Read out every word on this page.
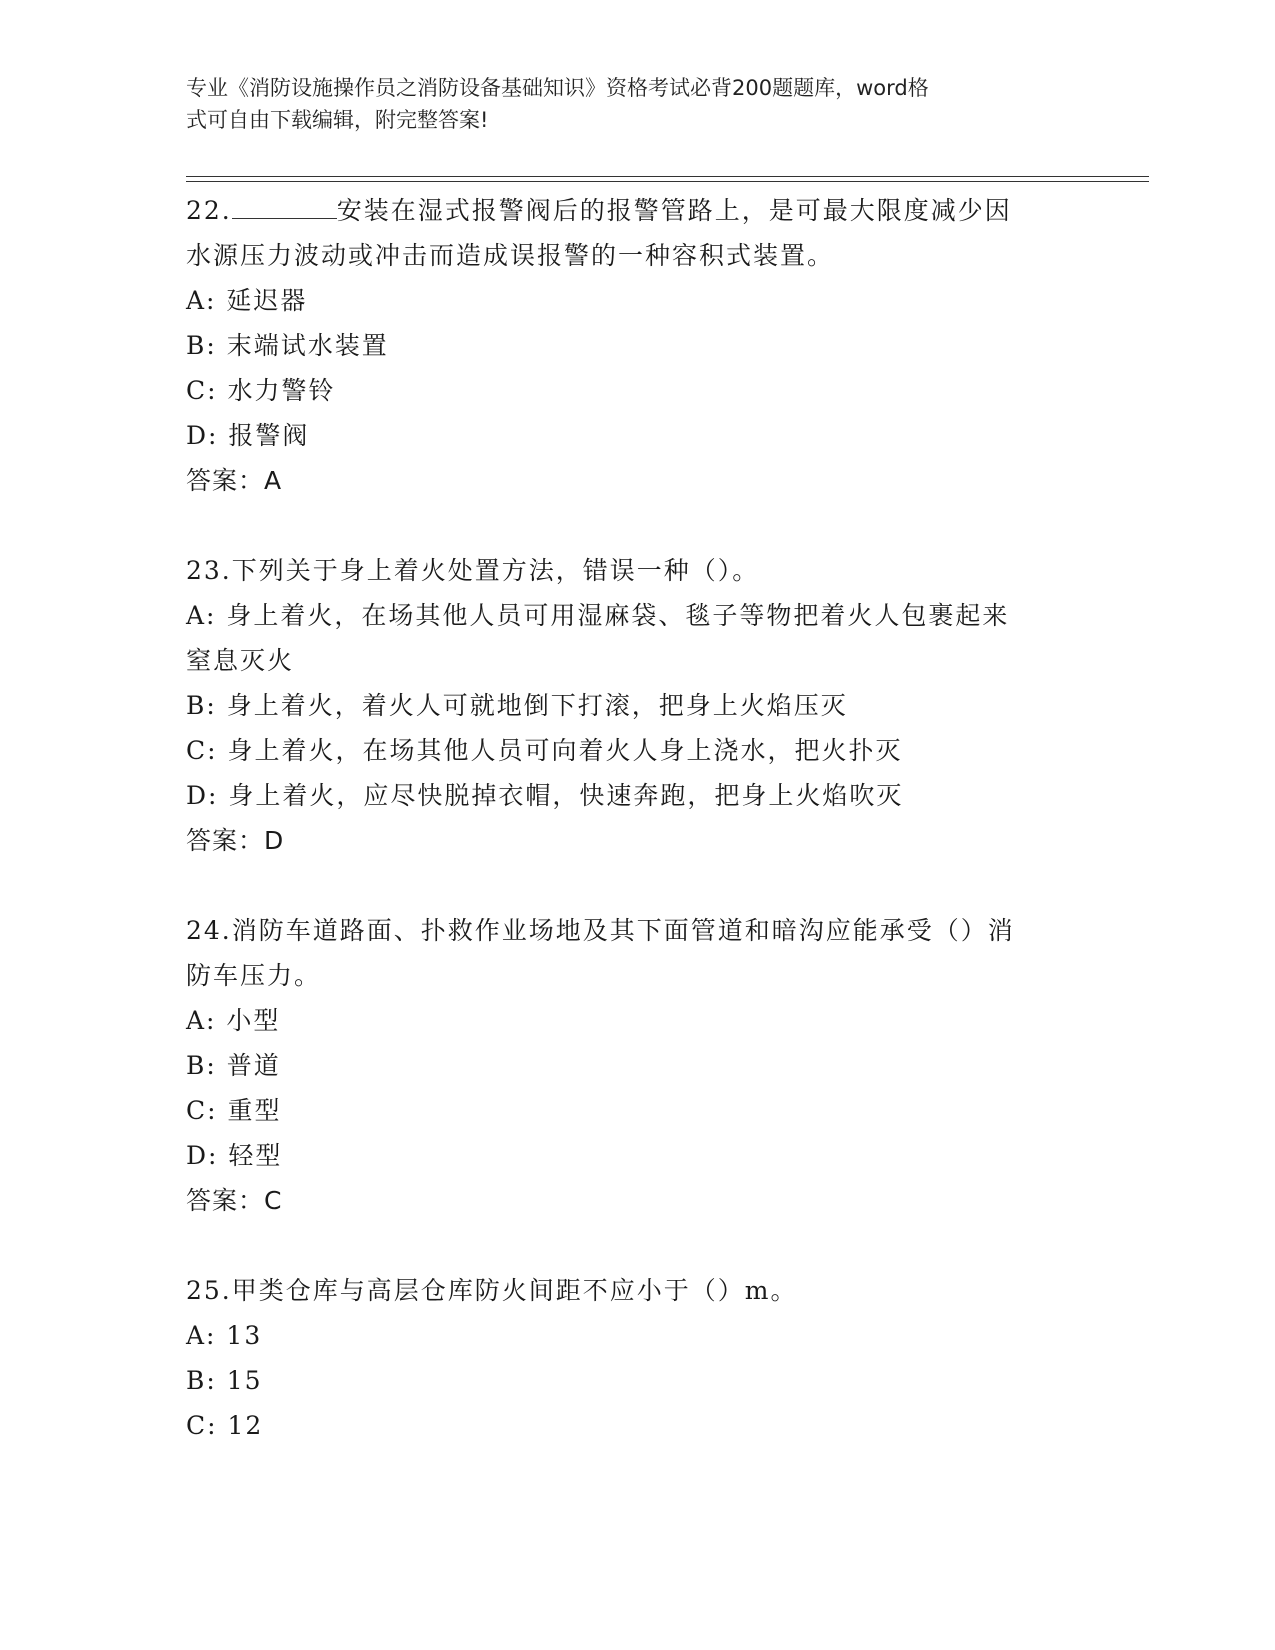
专业《消防设施操作员之消防设备基础知识》资格考试必背200题题库，word格
式可自由下载编辑，附完整答案!

22.	安装在湿式报警阀后的报警管路上，是可最大限度减少因

水源压力波动或冲击而造成误报警的一种容积式装置。

A: 延迟器

B: 末端试水装置

C: 水力警铃

D: 报警阀

答案：A

23.下列关于身上着火处置方法，错误一种（）。

A: 身上着火，在场其他人员可用湿麻袋、毯子等物把着火人包裹起来

窒息灭火

B: 身上着火，着火人可就地倒下打滚，把身上火焰压灭

C: 身上着火，在场其他人员可向着火人身上浇水，把火扑灭

D: 身上着火，应尽快脱掉衣帽，快速奔跑，把身上火焰吹灭

答案：D

24.消防车道路面、扑救作业场地及其下面管道和暗沟应能承受（）消

防车压力。

A: 小型

B: 普道

C: 重型

D: 轻型

答案：C

25.甲类仓库与高层仓库防火间距不应小于（）m。

A: 13

B: 15

C: 12
